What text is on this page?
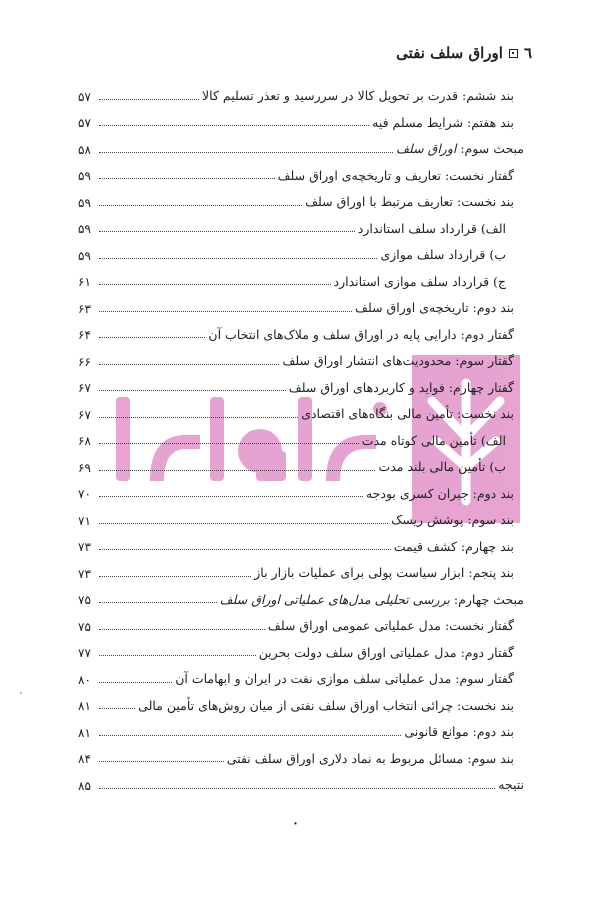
٦
اوراق سلف نفتی
بند ششم: قدرت بر تحویل کالا در سررسید و تعذر تسلیم کالا
۵۷
بند هفتم: شرایط مسلم فیه
۵۷
مبحث سوم: اوراق سلف
۵۸
گفتار نخست: تعاریف و تاریخچه‌ی اوراق سلف
۵۹
بند نخست: تعاریف مرتبط با اوراق سلف
۵۹
الف) قرارداد سلف استاندارد
۵۹
ب) قرارداد سلف موازی
۵۹
ج) قرارداد سلف موازی استاندارد
۶۱
بند دوم: تاریخچه‌ی اوراق سلف
۶۳
گفتار دوم: دارایی پایه در اوراق سلف و ملاک‌های انتخاب آن
۶۴
گفتار سوم: محدودیت‌های انتشار اوراق سلف
۶۶
گفتار چهارم: فواید و کاربردهای اوراق سلف
۶۷
بند نخست: تأمین مالی بنگاه‌های اقتصادی
۶۷
الف) تأمین مالی کوتاه مدت
۶۸
ب) تأمین مالی بلند مدت
۶۹
بند دوم: جبران کسری بودجه
۷۰
بند سوم: پوشش ریسک
۷۱
بند چهارم: کشف قیمت
۷۳
بند پنجم: ابزار سیاست پولی برای عملیات بازار باز
۷۳
مبحث چهارم: بررسی تحلیلی مدل‌های عملیاتی اوراق سلف
۷۵
گفتار نخست: مدل عملیاتی عمومی اوراق سلف
۷۵
گفتار دوم: مدل عملیاتی اوراق سلف دولت بحرین
۷۷
گفتار سوم: مدل عملیاتی سلف موازی نفت در ایران و ابهامات آن
۸۰
بند نخست: چرائی انتخاب اوراق سلف نفتی از میان روش‌های تأمین مالی
۸۱
بند دوم: موانع قانونی
۸۱
بند سوم: مسائل مربوط به نماد دلاری اوراق سلف نفتی
۸۴
نتیجه
۸۵
٠
